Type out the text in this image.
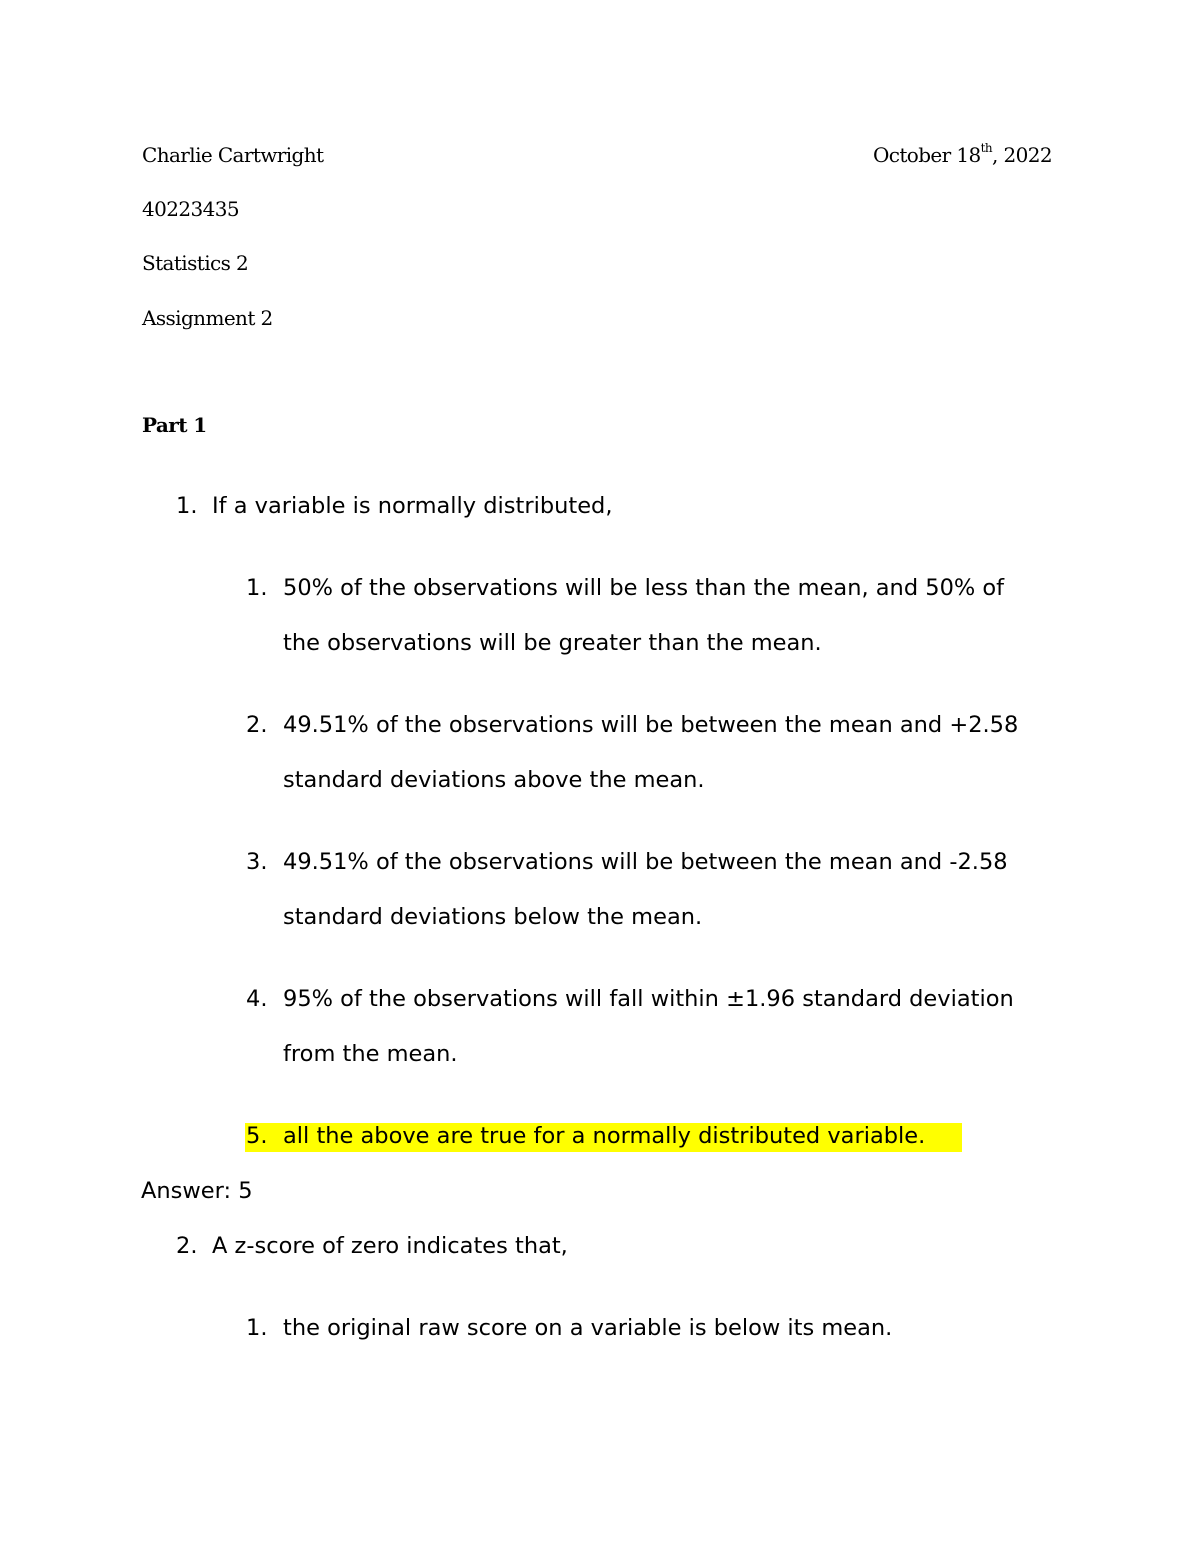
Charlie Cartwright	October 18th, 2022
40223435
Statistics 2
Assignment 2
Part 1
1. If a variable is normally distributed,
1. 50% of the observations will be less than the mean, and 50% of
the observations will be greater than the mean.
2. 49.51% of the observations will be between the mean and +2.58
standard deviations above the mean.
3. 49.51% of the observations will be between the mean and -2.58
standard deviations below the mean.
4. 95% of the observations will fall within ±1.96 standard deviation
from the mean.
5. all the above are true for a normally distributed variable.
Answer: 5
2. A z-score of zero indicates that,
1. the original raw score on a variable is below its mean.
